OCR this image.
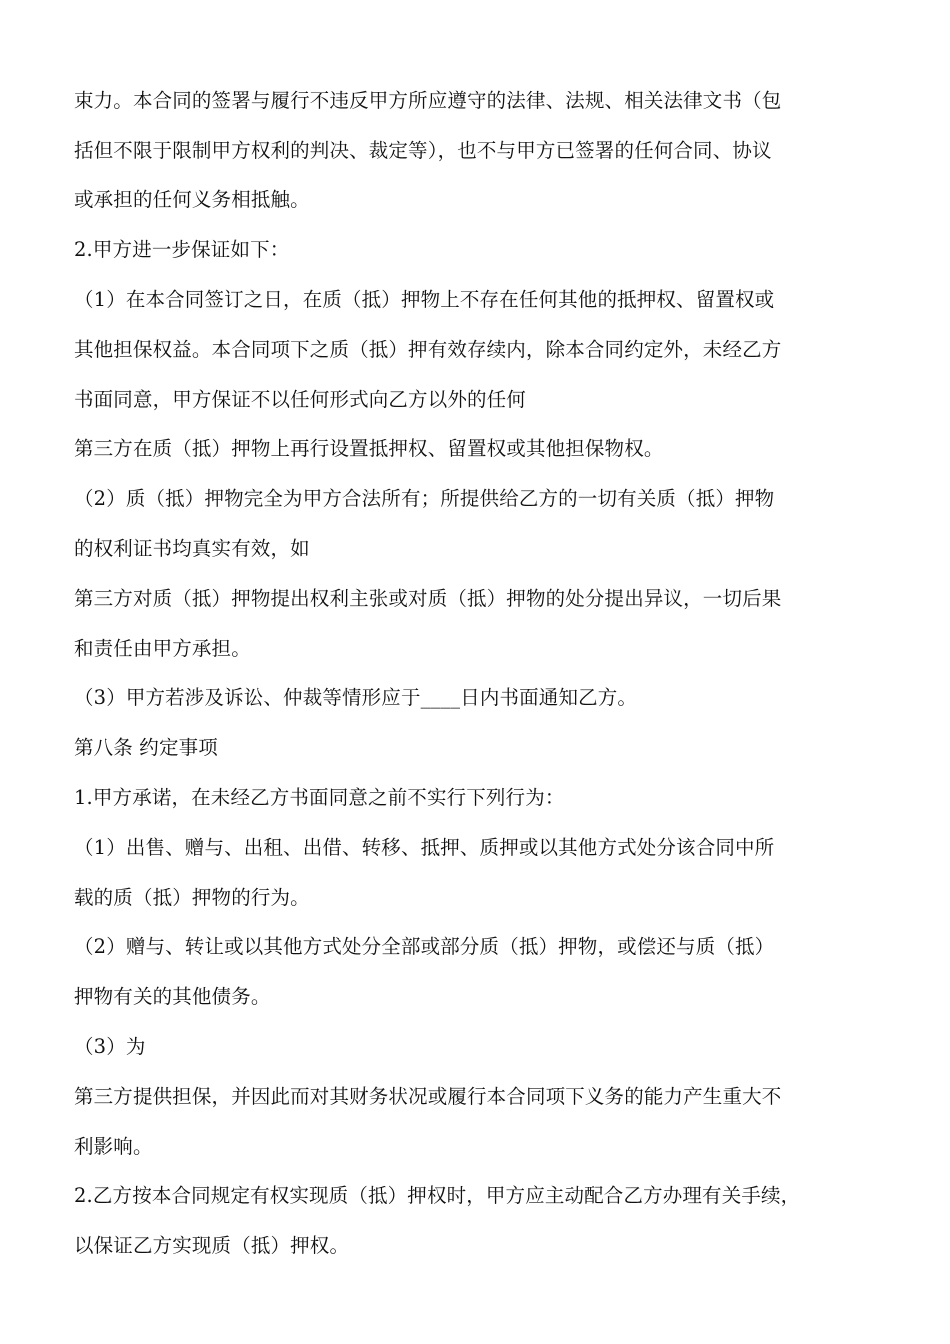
束力。本合同的签署与履行不违反甲方所应遵守的法律、法规、相关法律文书（包
括但不限于限制甲方权利的判决、裁定等），也不与甲方已签署的任何合同、协议
或承担的任何义务相抵触。
2.甲方进一步保证如下：
（1）在本合同签订之日，在质（抵）押物上不存在任何其他的抵押权、留置权或
其他担保权益。本合同项下之质（抵）押有效存续内，除本合同约定外，未经乙方
书面同意，甲方保证不以任何形式向乙方以外的任何
第三方在质（抵）押物上再行设置抵押权、留置权或其他担保物权。
（2）质（抵）押物完全为甲方合法所有；所提供给乙方的一切有关质（抵）押物
的权利证书均真实有效，如
第三方对质（抵）押物提出权利主张或对质（抵）押物的处分提出异议，一切后果
和责任由甲方承担。
（3）甲方若涉及诉讼、仲裁等情形应于____日内书面通知乙方。
第八条 约定事项
1.甲方承诺，在未经乙方书面同意之前不实行下列行为：
（1）出售、赠与、出租、出借、转移、抵押、质押或以其他方式处分该合同中所
载的质（抵）押物的行为。
（2）赠与、转让或以其他方式处分全部或部分质（抵）押物，或偿还与质（抵）
押物有关的其他债务。
（3）为
第三方提供担保，并因此而对其财务状况或履行本合同项下义务的能力产生重大不
利影响。
2.乙方按本合同规定有权实现质（抵）押权时，甲方应主动配合乙方办理有关手续，
以保证乙方实现质（抵）押权。
